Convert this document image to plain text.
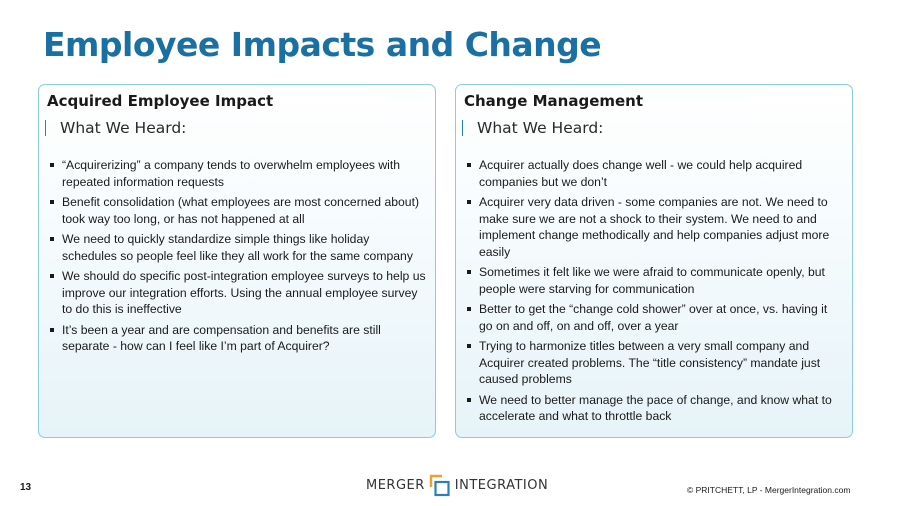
Employee Impacts and Change
Acquired Employee Impact
What We Heard:
“Acquirerizing” a company tends to overwhelm employees with repeated information requests
Benefit consolidation (what employees are most concerned about) took way too long, or has not happened at all
We need to quickly standardize simple things like holiday schedules so people feel like they all work for the same company
We should do specific post-integration employee surveys to help us improve our integration efforts. Using the annual employee survey to do this is ineffective
It’s been a year and are compensation and benefits are still separate - how can I feel like I’m part of Acquirer?
Change Management
What We Heard:
Acquirer actually does change well - we could help acquired companies but we don’t
Acquirer very data driven - some companies are not. We need to make sure we are not a shock to their system. We need to and implement change methodically and help companies adjust more easily
Sometimes it felt like we were afraid to communicate openly, but people were starving for communication
Better to get the “change cold shower” over at once, vs. having it go on and off, on and off, over a year
Trying to harmonize titles between a very small company and Acquirer created problems. The “title consistency” mandate just caused problems
We need to better manage the pace of change, and know what to accelerate and what to throttle back
13	MERGER INTEGRATION	© PRITCHETT, LP - MergerIntegration.com
